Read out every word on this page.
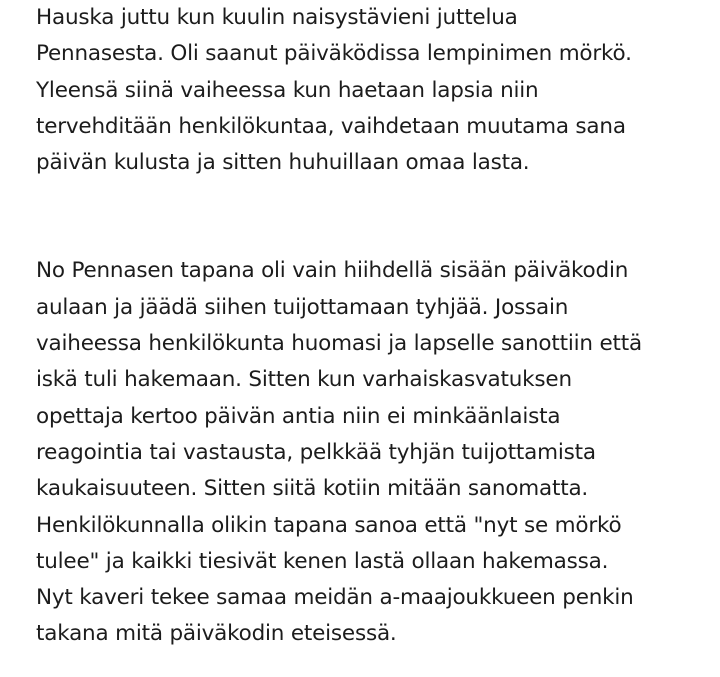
Hauska juttu kun kuulin naisystävieni juttelua
Pennasesta. Oli saanut päiväködissa lempinimen mörkö.
Yleensä siinä vaiheessa kun haetaan lapsia niin
tervehditään henkilökuntaa, vaihdetaan muutama sana
päivän kulusta ja sitten huhuillaan omaa lasta.

No Pennasen tapana oli vain hiihdellä sisään päiväkodin
aulaan ja jäädä siihen tuijottamaan tyhjää. Jossain
vaiheessa henkilökunta huomasi ja lapselle sanottiin että
iskä tuli hakemaan. Sitten kun varhaiskasvatuksen
opettaja kertoo päivän antia niin ei minkäänlaista
reagointia tai vastausta, pelkkää tyhjän tuijottamista
kaukaisuuteen. Sitten siitä kotiin mitään sanomatta.
Henkilökunnalla olikin tapana sanoa että "nyt se mörkö
tulee" ja kaikki tiesivät kenen lastä ollaan hakemassa.
Nyt kaveri tekee samaa meidän a-maajoukkueen penkin
takana mitä päiväkodin eteisessä.
